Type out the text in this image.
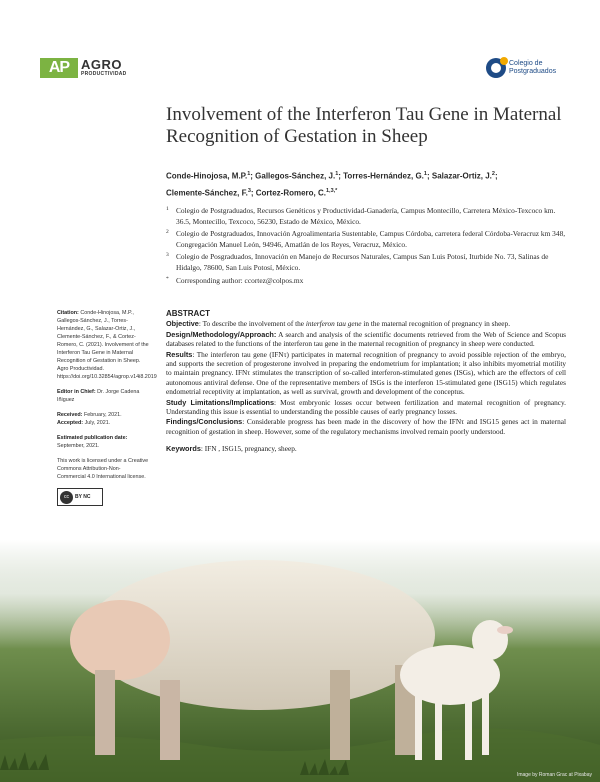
AP AGRO
PRODUCTIVIDAD
Colegio de
Postgraduados
Involvement of the Interferon Tau Gene in Maternal Recognition of Gestation in Sheep
Conde-Hinojosa, M.P.$^1$; Gallegos-Sánchez, J.$^1$; Torres-Hernández, G.$^1$; Salazar-Ortiz, J.$^2$;
Clemente-Sánchez, F.$^3$; Cortez-Romero, C.$^{1,3,*}$
1 Colegio de Postgraduados, Recursos Genéticos y Productividad-Ganadería, Campus Montecillo, Carretera México-Texcoco km. 36.5, Montecillo, Texcoco, 56230, Estado de México, México.
2 Colegio de Postgraduados, Innovación Agroalimentaria Sustentable, Campus Córdoba, carretera federal Córdoba-Veracruz km 348, Congregación Manuel León, 94946, Amatlán de los Reyes, Veracruz, México.
3 Colegio de Posgraduados, Innovación en Manejo de Recursos Naturales, Campus San Luis Potosí, Iturbide No. 73, Salinas de Hidalgo, 78600, San Luis Potosí, México.
* Corresponding author: ccortez@colpos.mx
Citation: Conde-Hinojosa, M.P., Gallegos-Sánchez, J., Torres-Hernández, G., Salazar-Ortiz, J., Clemente-Sánchez, F., & Cortez-Romero, C. (2021). Involvement of the Interferon Tau Gene in Maternal Recognition of Gestation in Sheep. Agro Productividad. https://doi.org/10.32854/agrop.v14i8.2019
Editor in Chief: Dr. Jorge Cadena Iñiguez
Received: February, 2021.
Accepted: July, 2021.
Estimated publication date:
September, 2021.
This work is licensed under a Creative Commons Attribution-Non-Commercial 4.0 International license.
cc	BY NC
ABSTRACT

Objective: To describe the involvement of the interferon tau gene in the maternal recognition of pregnancy in sheep.

Design/Methodology/Approach: A search and analysis of the scientific documents retrieved from the Web of Science and Scopus databases related to the functions of the interferon tau gene in the maternal recognition of pregnancy in sheep were conducted.

Results: The interferon tau gene (IFNτ) participates in maternal recognition of pregnancy to avoid possible rejection of the embryo, and supports the secretion of progesterone involved in preparing the endometrium for implantation; it also inhibits myometrial motility to maintain pregnancy. IFNτ stimulates the transcription of so-called interferon-stimulated genes (ISGs), which are the effectors of cell autonomous antiviral defense. One of the representative members of ISGs is the interferon 15-stimulated gene (ISG15) which regulates endometrial receptivity at implantation, as well as survival, growth and development of the conceptus.

Study Limitations/Implications: Most embryonic losses occur between fertilization and maternal recognition of pregnancy. Understanding this issue is essential to understanding the possible causes of early pregnancy losses.

Findings/Conclusions: Considerable progress has been made in the discovery of how the IFNτ and ISG15 genes act in maternal recognition of gestation in sheep. However, some of the regulatory mechanisms involved remain poorly understood.

Keywords: IFN , ISG15, pregnancy, sheep.

Image by Roman Grac at Pixabay
